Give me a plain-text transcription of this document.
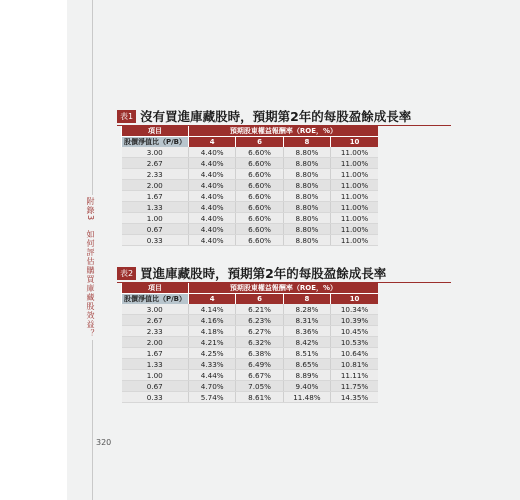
附錄3　如何評估購買庫藏股效益？
320
表1 沒有買進庫藏股時，預期第2年的每股盈餘成長率
項目	預期股東權益報酬率（ROE，%）			
股價淨值比（P/B）	4	6	8	10
3.00	4.40%	6.60%	8.80%	11.00%
2.67	4.40%	6.60%	8.80%	11.00%
2.33	4.40%	6.60%	8.80%	11.00%
2.00	4.40%	6.60%	8.80%	11.00%
1.67	4.40%	6.60%	8.80%	11.00%
1.33	4.40%	6.60%	8.80%	11.00%
1.00	4.40%	6.60%	8.80%	11.00%
0.67	4.40%	6.60%	8.80%	11.00%
0.33	4.40%	6.60%	8.80%	11.00%
表2 買進庫藏股時，預期第2年的每股盈餘成長率
項目	預期股東權益報酬率（ROE，%）			
股價淨值比（P/B）	4	6	8	10
3.00	4.14%	6.21%	8.28%	10.34%
2.67	4.16%	6.23%	8.31%	10.39%
2.33	4.18%	6.27%	8.36%	10.45%
2.00	4.21%	6.32%	8.42%	10.53%
1.67	4.25%	6.38%	8.51%	10.64%
1.33	4.33%	6.49%	8.65%	10.81%
1.00	4.44%	6.67%	8.89%	11.11%
0.67	4.70%	7.05%	9.40%	11.75%
0.33	5.74%	8.61%	11.48%	14.35%
